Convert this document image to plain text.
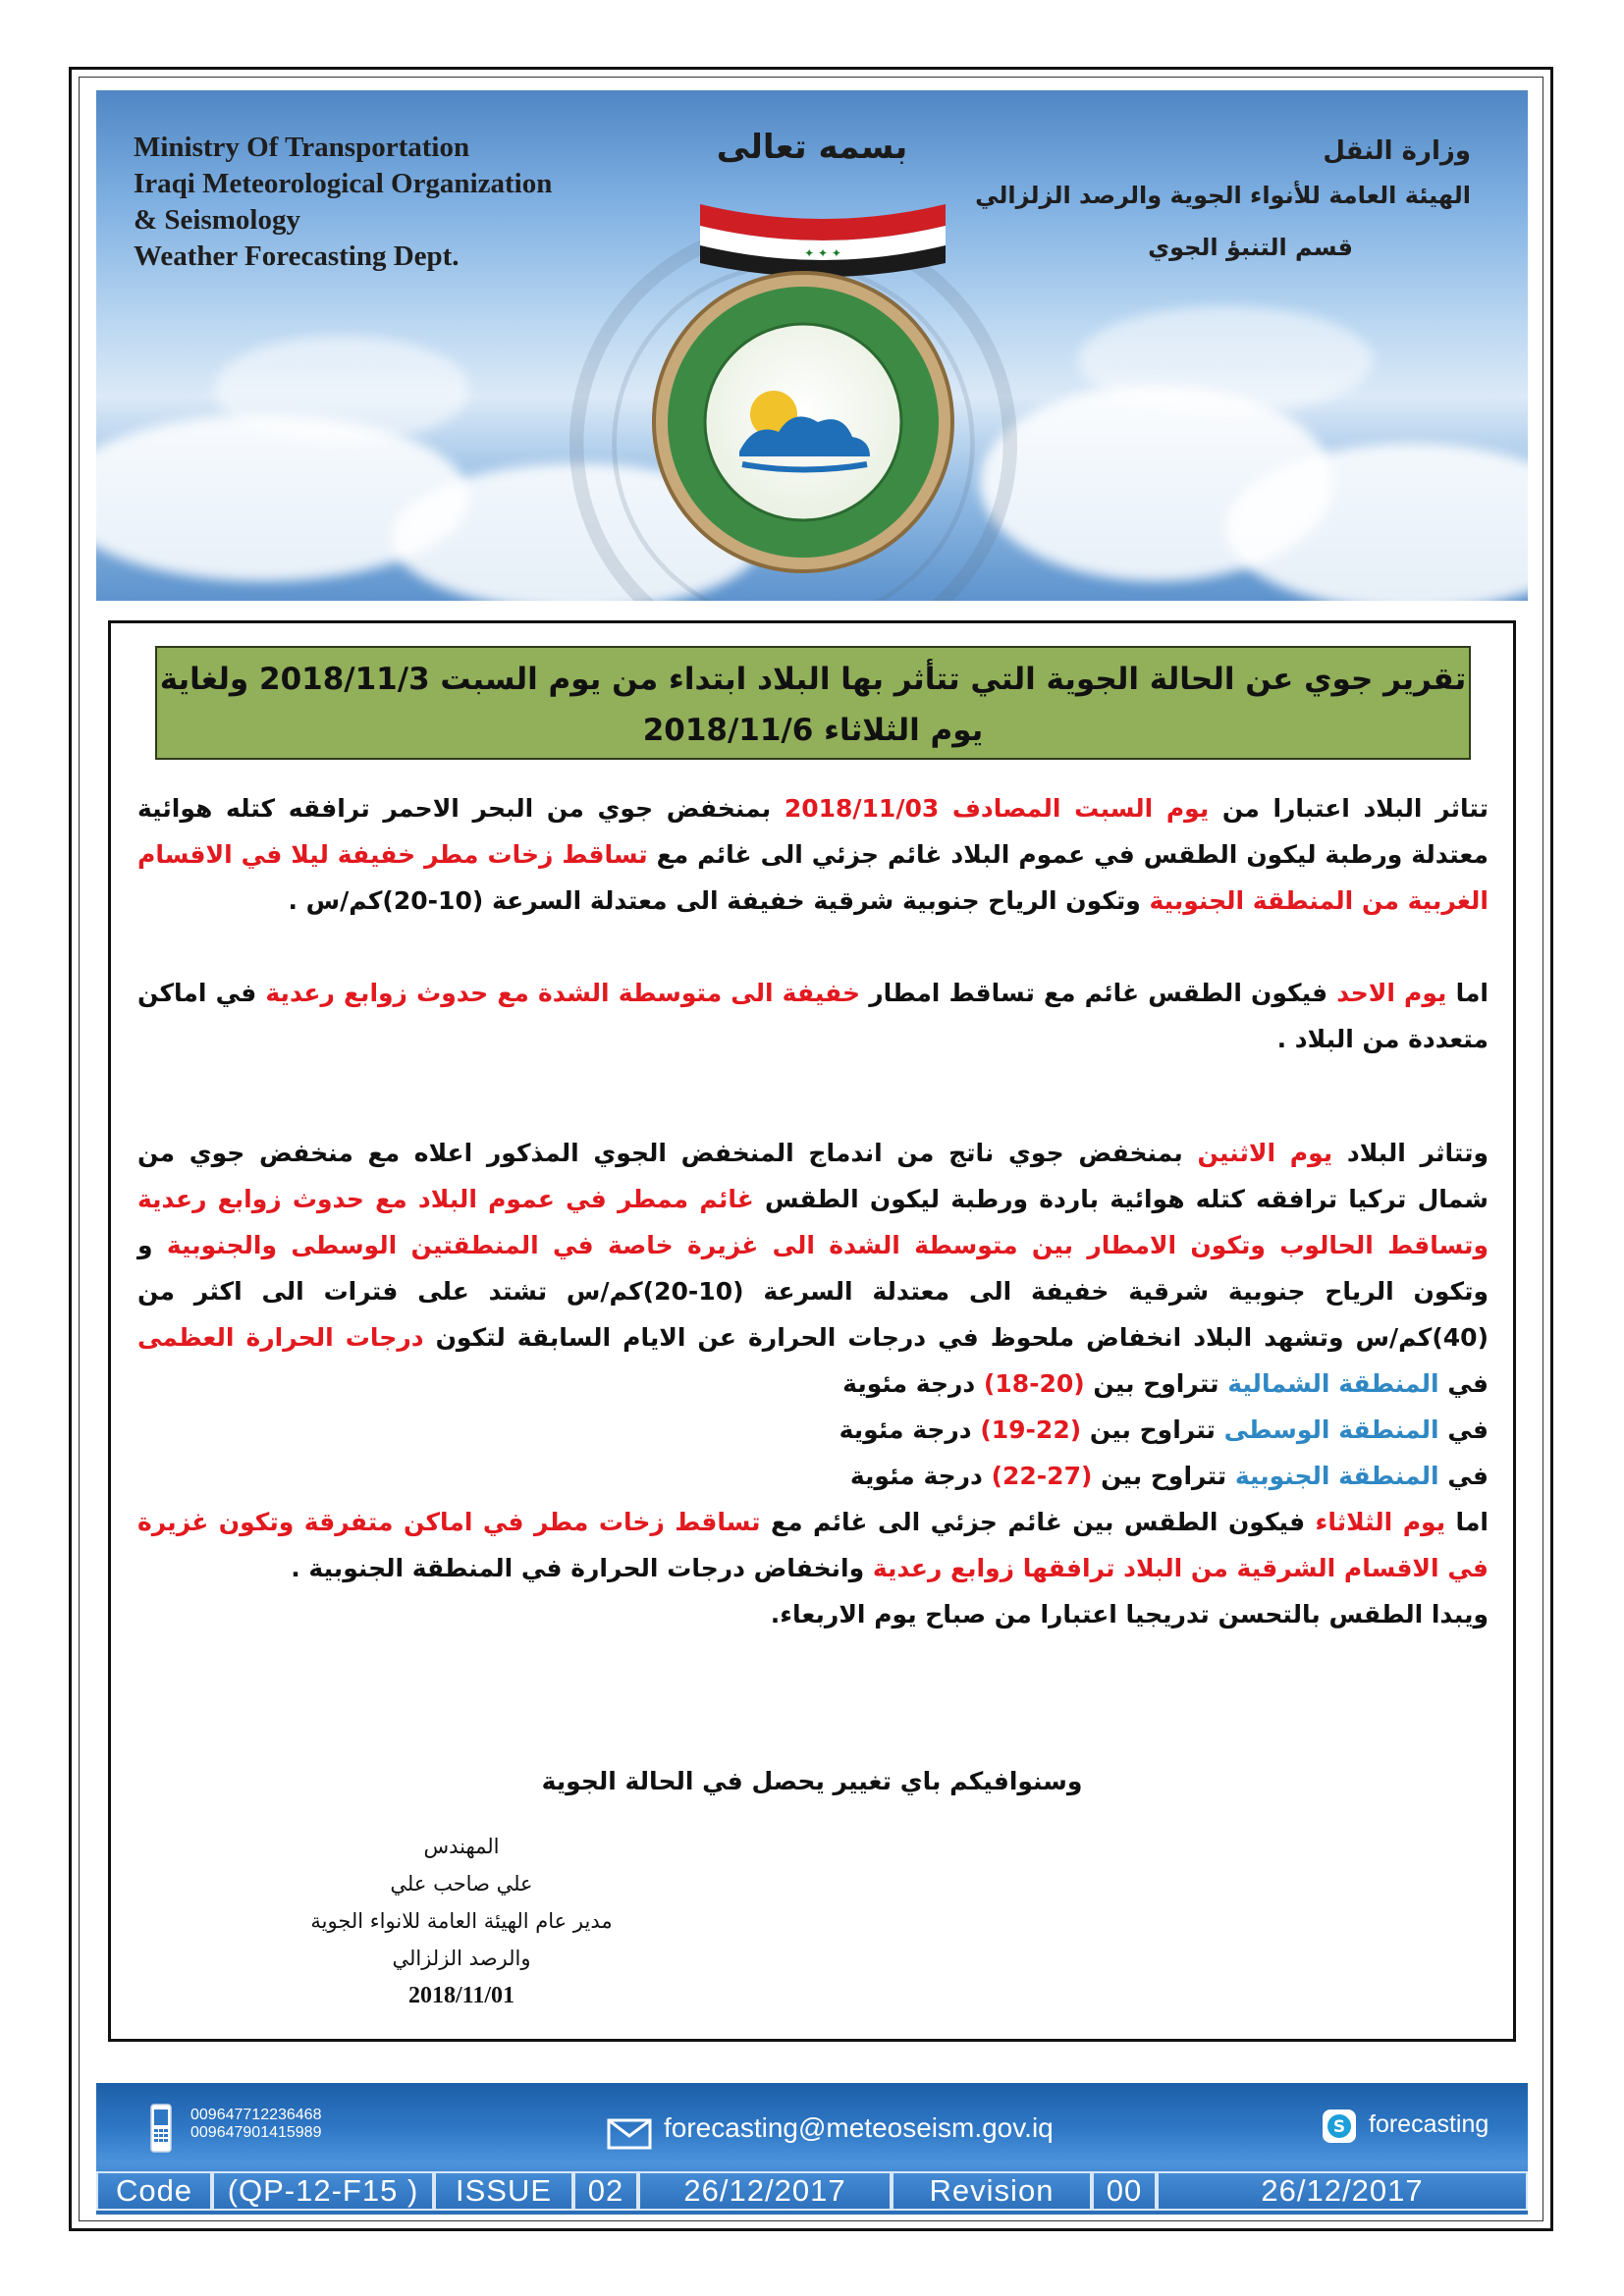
Ministry Of Transportation
Iraqi Meteorological Organization
& Seismology
Weather Forecasting Dept.
بسمه تعالى
✦ ✦ ✦
وزارة النقل
الهيئة العامة للأنواء الجوية والرصد الزلزالي
قسم التنبؤ الجوي
تقرير جوي عن الحالة الجوية التي تتأثر بها البلاد ابتداء من يوم السبت 2018/11/3 ولغاية
يوم الثلاثاء 2018/11/6

تتاثر البلاد اعتبارا من يوم السبت المصادف 2018/11/03 بمنخفض جوي من البحر الاحمر ترافقه كتله هوائية
معتدلة ورطبة ليكون الطقس في عموم البلاد غائم جزئي الى غائم مع تساقط زخات مطر خفيفة ليلا في الاقسام
الغربية من المنطقة الجنوبية وتكون الرياح جنوبية شرقية خفيفة الى معتدلة السرعة (10-20)كم/س .

اما يوم الاحد فيكون الطقس غائم مع تساقط امطار خفيفة الى متوسطة الشدة مع حدوث زوابع رعدية في اماكن
متعددة من البلاد .

وتتاثر البلاد يوم الاثنين بمنخفض جوي ناتج من اندماج المنخفض الجوي المذكور اعلاه مع منخفض جوي من
شمال تركيا ترافقه كتله هوائية باردة ورطبة ليكون الطقس غائم ممطر في عموم البلاد مع حدوث زوابع رعدية
وتساقط الحالوب وتكون الامطار بين متوسطة الشدة الى غزيرة خاصة في المنطقتين الوسطى والجنوبية و
وتكون الرياح جنوبية شرقية خفيفة الى معتدلة السرعة (10-20)كم/س تشتد على فترات الى اكثر من
(40)كم/س وتشهد البلاد انخفاض ملحوظ في درجات الحرارة عن الايام السابقة لتكون درجات الحرارة العظمى
في المنطقة الشمالية تتراوح بين (18-20) درجة مئوية
في المنطقة الوسطى تتراوح بين (19-22) درجة مئوية
في المنطقة الجنوبية تتراوح بين (22-27) درجة مئوية

اما يوم الثلاثاء فيكون الطقس بين غائم جزئي الى غائم مع تساقط زخات مطر في اماكن متفرقة وتكون غزيرة
في الاقسام الشرقية من البلاد ترافقها زوابع رعدية وانخفاض درجات الحرارة في المنطقة الجنوبية .
ويبدا الطقس بالتحسن تدريجيا اعتبارا من صباح يوم الاربعاء.

وسنوافيكم باي تغيير يحصل في الحالة الجوية
المهندس
علي صاحب علي
مدير عام الهيئة العامة للانواء الجوية
والرصد الزلزالي
2018/11/01
009647712236468
009647901415989	forecasting@meteoseism.gov.iq	S forecasting
Code	(QP-12-F15 )	ISSUE	02	26/12/2017	Revision	00	26/12/2017
